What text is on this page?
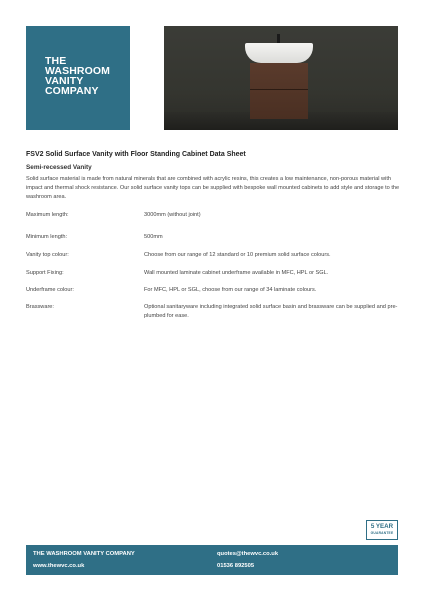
THE
WASHROOM
VANITY
COMPANY
FSV2 Solid Surface Vanity with Floor Standing Cabinet Data Sheet
Semi-recessed Vanity
Solid surface material is made from natural minerals that are combined with acrylic resins, this creates a low maintenance, non-porous material with impact and thermal shock resistance. Our solid surface vanity tops can be supplied with bespoke wall mounted cabinets to add style and storage to the washroom area.
Maximum length:	3000mm (without joint)
Minimum length:	500mm
Vanity top colour:	Choose from our range of 12 standard or 10 premium solid surface colours.
Support Fixing:	Wall mounted laminate cabinet underframe available in MFC, HPL or SGL.
Underframe colour:	For MFC, HPL or SGL, choose from our range of 34 laminate colours.
Brassware:	Optional sanitaryware including integrated solid surface basin and brassware can be supplied and pre-plumbed for ease.
5 YEAR
GUARANTEE
THE WASHROOM VANITY COMPANY
www.thewvc.co.uk
quotes@thewvc.co.uk
01536 892505
